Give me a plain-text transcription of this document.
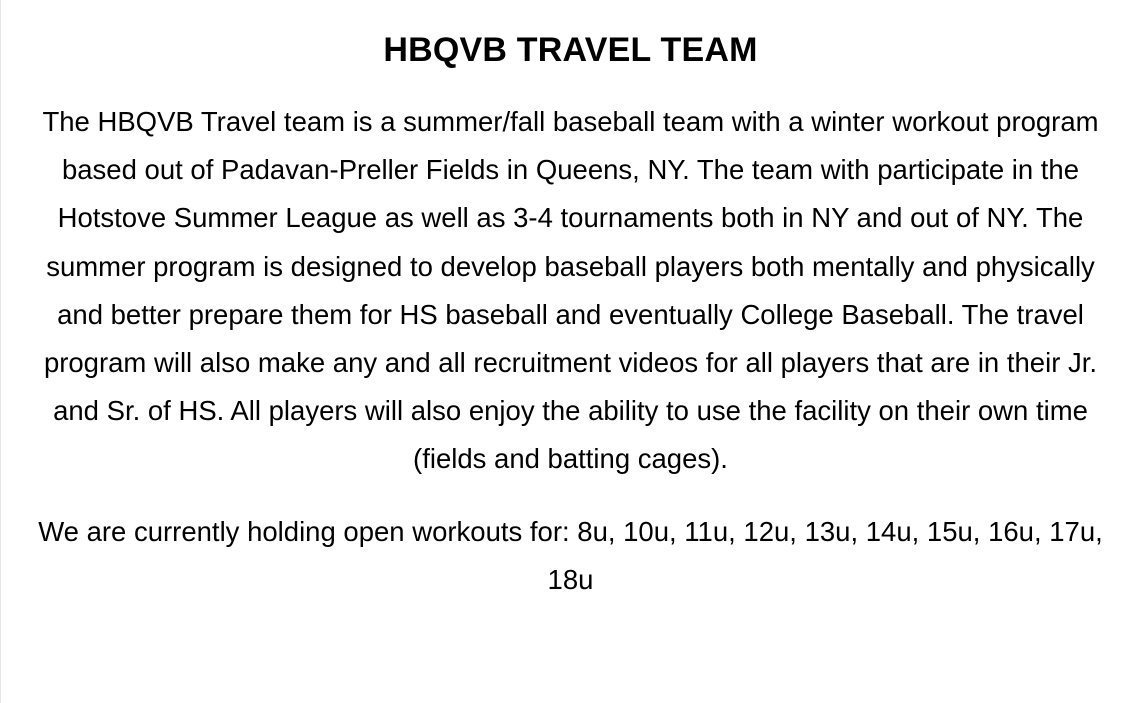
HBQVB TRAVEL TEAM

The HBQVB Travel team is a summer/fall baseball team with a winter workout program based out of Padavan-Preller Fields in Queens, NY. The team with participate in the Hotstove Summer League as well as 3-4 tournaments both in NY and out of NY. The summer program is designed to develop baseball players both mentally and physically and better prepare them for HS baseball and eventually College Baseball. The travel program will also make any and all recruitment videos for all players that are in their Jr. and Sr. of HS. All players will also enjoy the ability to use the facility on their own time (fields and batting cages).

We are currently holding open workouts for: 8u, 10u, 11u, 12u, 13u, 14u, 15u, 16u, 17u, 18u
